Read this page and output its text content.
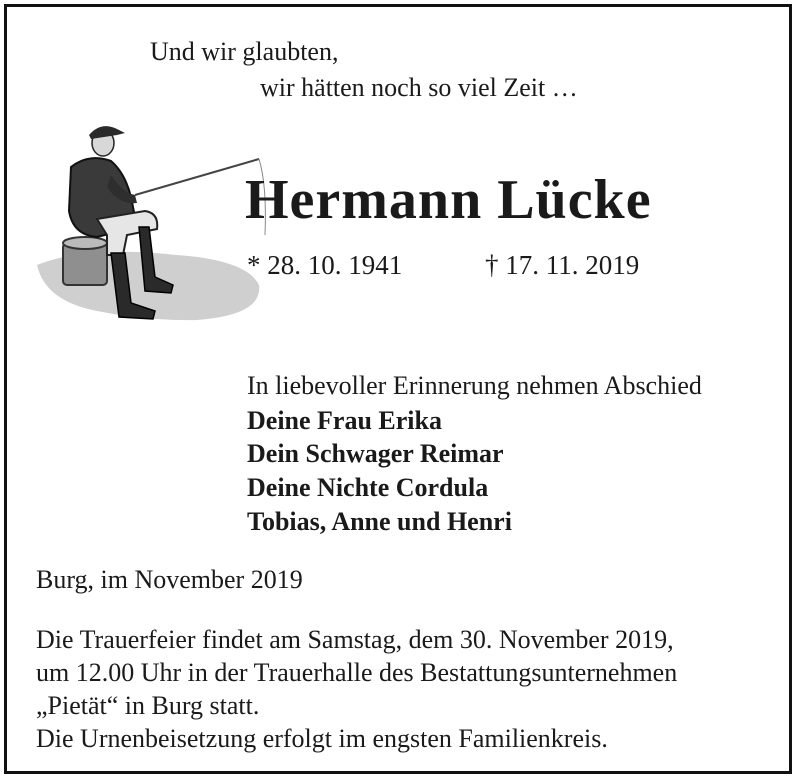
Und wir glaubten,
wir hätten noch so viel Zeit …
Hermann Lücke
* 28. 10. 1941	† 17. 11. 2019
In liebevoller Erinnerung nehmen Abschied
Deine Frau Erika
Dein Schwager Reimar
Deine Nichte Cordula
Tobias, Anne und Henri
Burg, im November 2019
Die Trauerfeier findet am Samstag, dem 30. November 2019,
um 12.00 Uhr in der Trauerhalle des Bestattungsunternehmen
„Pietät“ in Burg statt.
Die Urnenbeisetzung erfolgt im engsten Familienkreis.
